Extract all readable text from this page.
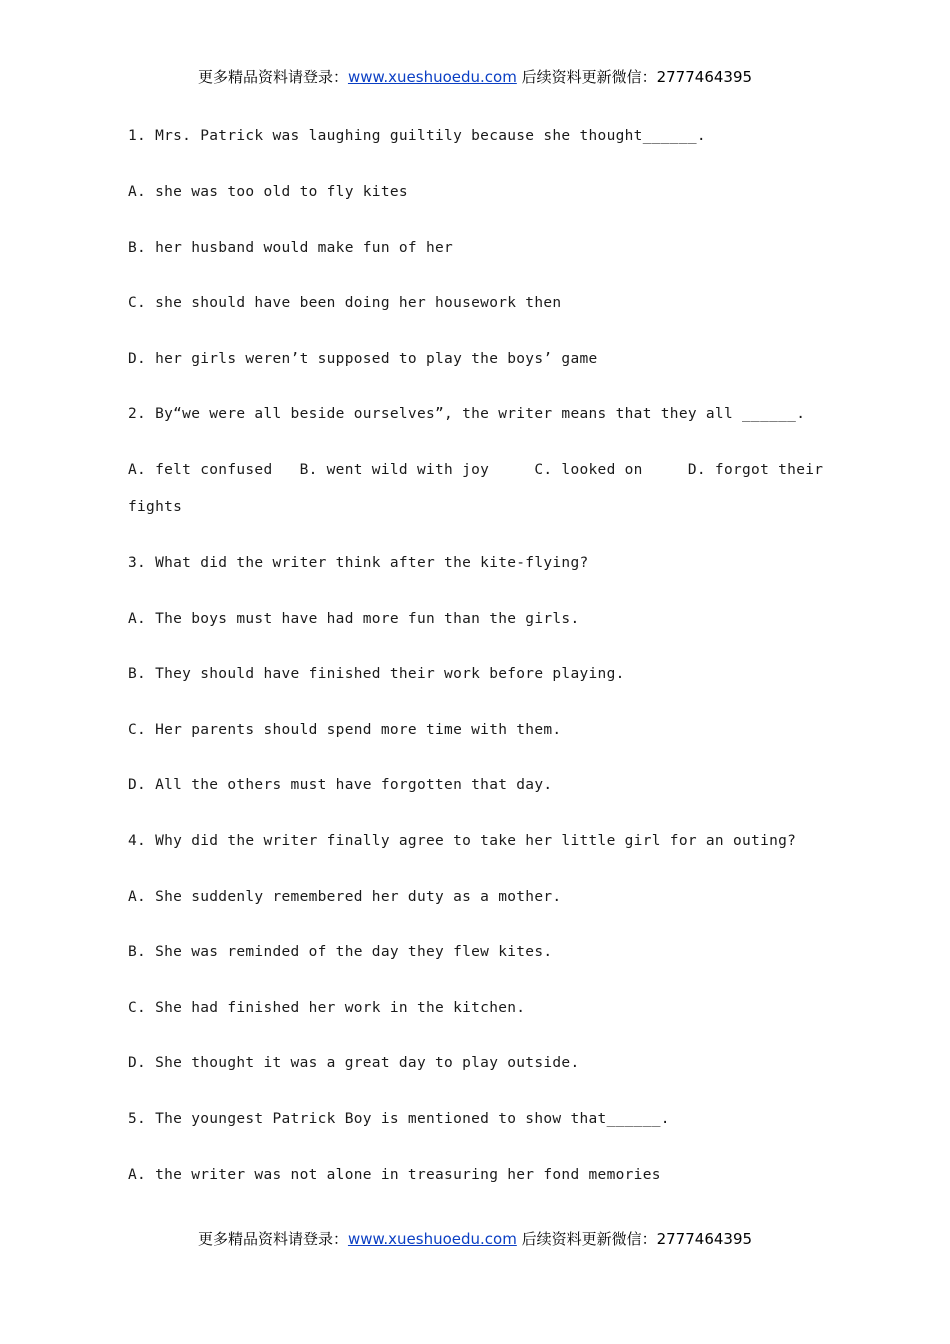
更多精品资料请登录：www.xueshuoedu.com 后续资料更新微信：2777464395
1. Mrs. Patrick was laughing guiltily because she thought______.
A. she was too old to fly kites
B. her husband would make fun of her
C. she should have been doing her housework then
D. her girls weren’t supposed to play the boys’ game
2. By“we were all beside ourselves”, the writer means that they all ______.
A. felt confused   B. went wild with joy     C. looked on     D. forgot their
fights
3. What did the writer think after the kite-flying?
A. The boys must have had more fun than the girls.
B. They should have finished their work before playing.
C. Her parents should spend more time with them.
D. All the others must have forgotten that day.
4. Why did the writer finally agree to take her little girl for an outing?
A. She suddenly remembered her duty as a mother.
B. She was reminded of the day they flew kites.
C. She had finished her work in the kitchen.
D. She thought it was a great day to play outside.
5. The youngest Patrick Boy is mentioned to show that______.
A. the writer was not alone in treasuring her fond memories
更多精品资料请登录：www.xueshuoedu.com 后续资料更新微信：2777464395
